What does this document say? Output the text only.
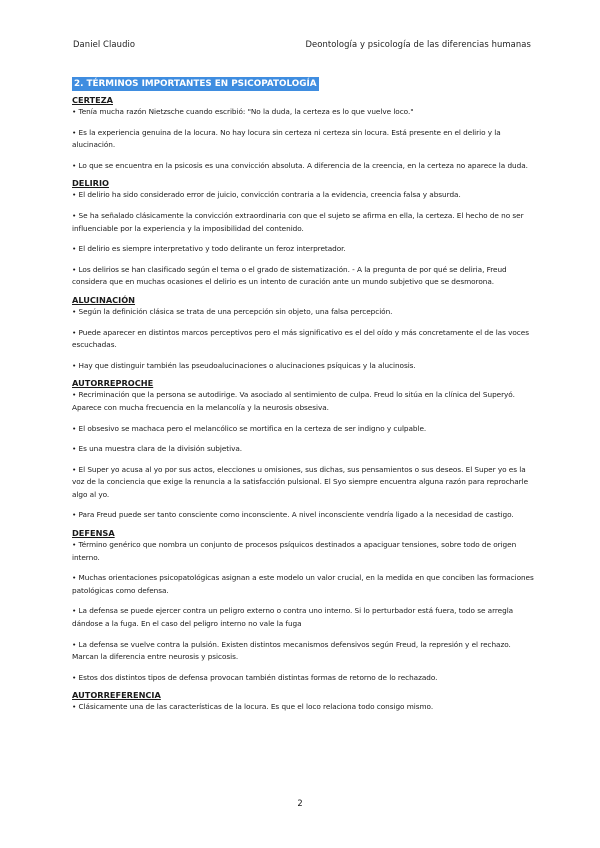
Daniel Claudio	Deontología y psicología de las diferencias humanas
2. TÉRMINOS IMPORTANTES EN PSICOPATOLOGÍA
CERTEZA
• Tenía mucha razón Nietzsche cuando escribió: "No la duda, la certeza es lo que vuelve loco."
• Es la experiencia genuina de la locura. No hay locura sin certeza ni certeza sin locura. Está presente en el delirio y la alucinación.
• Lo que se encuentra en la psicosis es una convicción absoluta. A diferencia de la creencia, en la certeza no aparece la duda.
DELIRIO
• El delirio ha sido considerado error de juicio, convicción contraria a la evidencia, creencia falsa y absurda.
• Se ha señalado clásicamente la convicción extraordinaria con que el sujeto se afirma en ella, la certeza. El hecho de no ser influenciable por la experiencia y la imposibilidad del contenido.
• El delirio es siempre interpretativo y todo delirante un feroz interpretador.
• Los delirios se han clasificado según el tema o el grado de sistematización. - A la pregunta de por qué se deliria, Freud considera que en muchas ocasiones el delirio es un intento de curación ante un mundo subjetivo que se desmorona.
ALUCINACIÓN
• Según la definición clásica se trata de una percepción sin objeto, una falsa percepción.
• Puede aparecer en distintos marcos perceptivos pero el más significativo es el del oído y más concretamente el de las voces escuchadas.
• Hay que distinguir también las pseudoalucinaciones o alucinaciones psíquicas y la alucinosis.
AUTORREPROCHE
• Recriminación que la persona se autodirige. Va asociado al sentimiento de culpa. Freud lo sitúa en la clínica del Superyó. Aparece con mucha frecuencia en la melancolía y la neurosis obsesiva.
• El obsesivo se machaca pero el melancólico se mortifica en la certeza de ser indigno y culpable.
• Es una muestra clara de la división subjetiva.
• El Super yo acusa al yo por sus actos, elecciones u omisiones, sus dichas, sus pensamientos o sus deseos. El Super yo es la voz de la conciencia que exige la renuncia a la satisfacción pulsional. El Syo siempre encuentra alguna razón para reprocharle algo al yo.
• Para Freud puede ser tanto consciente como inconsciente. A nivel inconsciente vendría ligado a la necesidad de castigo.
DEFENSA
• Término genérico que nombra un conjunto de procesos psíquicos destinados a apaciguar tensiones, sobre todo de origen interno.
• Muchas orientaciones psicopatológicas asignan a este modelo un valor crucial, en la medida en que conciben las formaciones patológicas como defensa.
• La defensa se puede ejercer contra un peligro externo o contra uno interno. Si lo perturbador está fuera, todo se arregla dándose a la fuga. En el caso del peligro interno no vale la fuga
• La defensa se vuelve contra la pulsión. Existen distintos mecanismos defensivos según Freud, la represión y el rechazo. Marcan la diferencia entre neurosis y psicosis.
• Estos dos distintos tipos de defensa provocan también distintas formas de retorno de lo rechazado.
AUTORREFERENCIA
• Clásicamente una de las características de la locura. Es que el loco relaciona todo consigo mismo.
2
